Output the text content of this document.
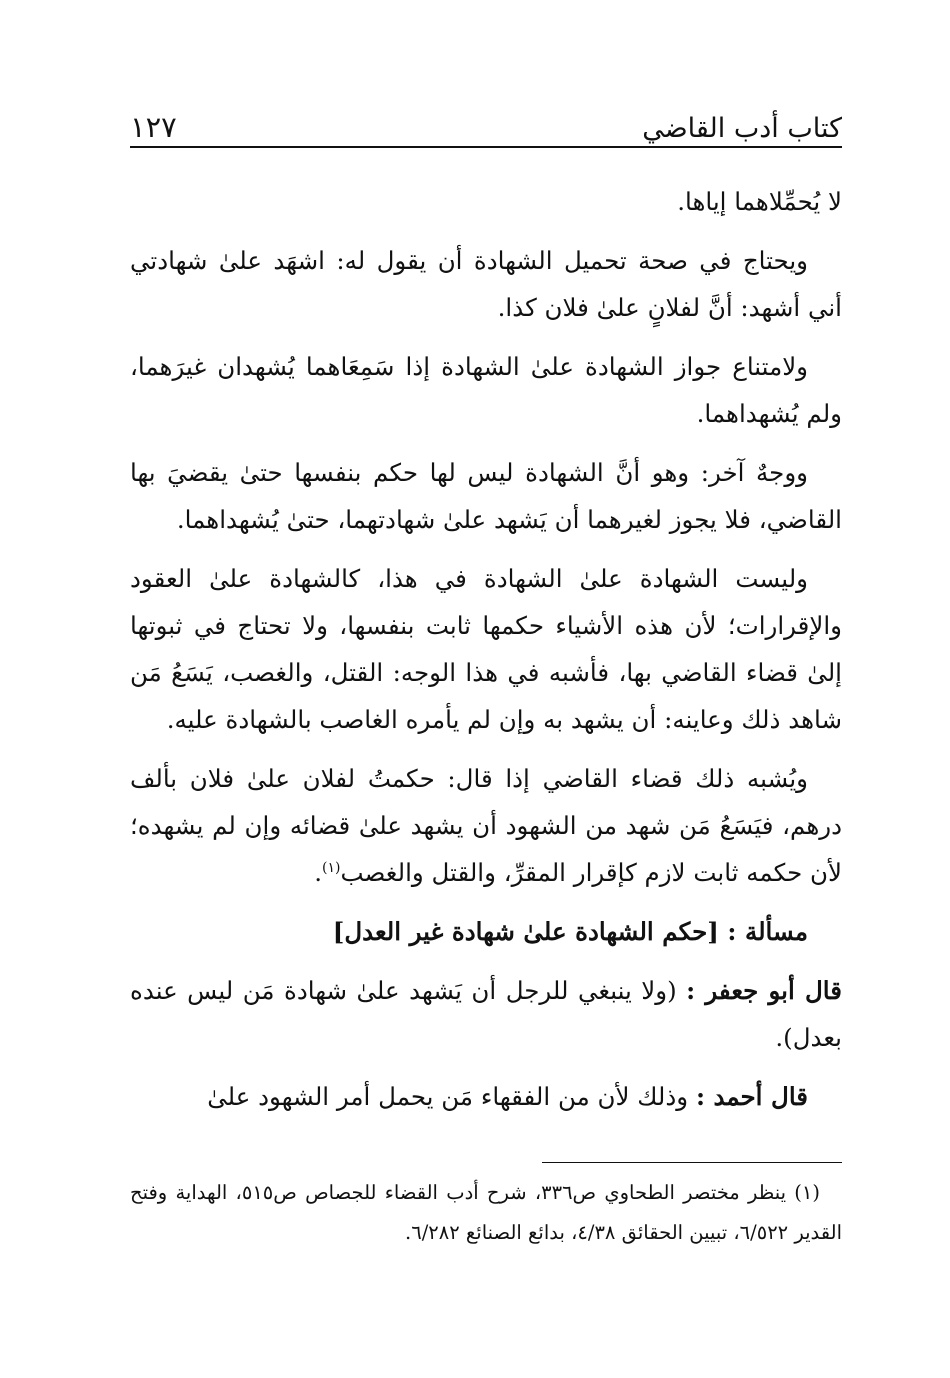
كتاب أدب القاضي
١٢٧

لا يُحمِّلاهما إياها.

ويحتاج في صحة تحميل الشهادة أن يقول له: اشهَد علىٰ شهادتي أني أشهد: أنَّ لفلانٍ علىٰ فلان كذا.

ولامتناع جواز الشهادة علىٰ الشهادة إذا سَمِعَاهما يُشهدان غيرَهما، ولم يُشهداهما.

ووجهٌ آخر: وهو أنَّ الشهادة ليس لها حكم بنفسها حتىٰ يقضيَ بها القاضي، فلا يجوز لغيرهما أن يَشهد علىٰ شهادتهما، حتىٰ يُشهداهما.

وليست الشهادة علىٰ الشهادة في هذا، كالشهادة علىٰ العقود والإقرارات؛ لأن هذه الأشياء حكمها ثابت بنفسها، ولا تحتاج في ثبوتها إلىٰ قضاء القاضي بها، فأشبه في هذا الوجه: القتل، والغصب، يَسَعُ مَن شاهد ذلك وعاينه: أن يشهد به وإن لم يأمره الغاصب بالشهادة عليه.

ويُشبه ذلك قضاء القاضي إذا قال: حكمتُ لفلان علىٰ فلان بألف درهم، فيَسَعُ مَن شهد من الشهود أن يشهد علىٰ قضائه وإن لم يشهده؛ لأن حكمه ثابت لازم كإقرار المقرِّ، والقتل والغصب$^{(١)}$.

مسألة : [حكم الشهادة علىٰ شهادة غير العدل]

قال أبو جعفر : (ولا ينبغي للرجل أن يَشهد علىٰ شهادة مَن ليس عنده بعدل).

قال أحمد : وذلك لأن من الفقهاء مَن يحمل أمر الشهود علىٰ

(١) ينظر مختصر الطحاوي ص٣٣٦، شرح أدب القضاء للجصاص ص٥١٥، الهداية وفتح القدير ٦/٥٢٢، تبيين الحقائق ٤/٣٨، بدائع الصنائع ٦/٢٨٢.
